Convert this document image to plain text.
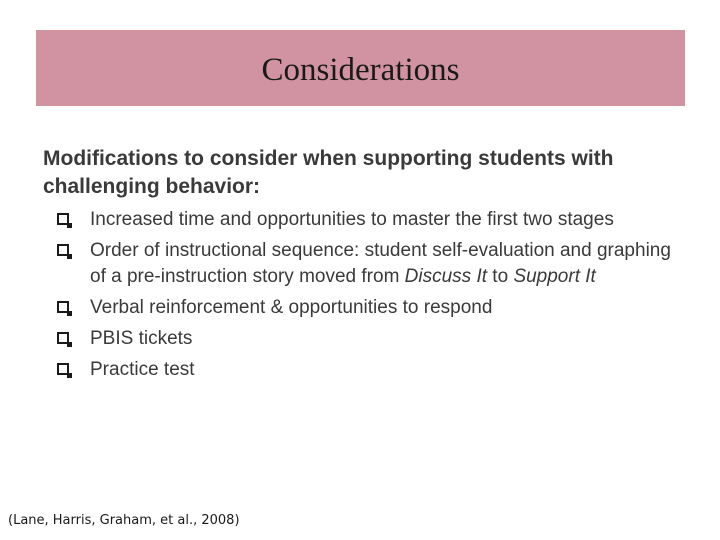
Considerations

Modifications to consider when supporting students with challenging behavior:

Increased time and opportunities to master the first two stages
Order of instructional sequence: student self-evaluation and graphing of a pre-instruction story moved from Discuss It to Support It
Verbal reinforcement & opportunities to respond
PBIS tickets
Practice test

(Lane, Harris, Graham, et al., 2008)
